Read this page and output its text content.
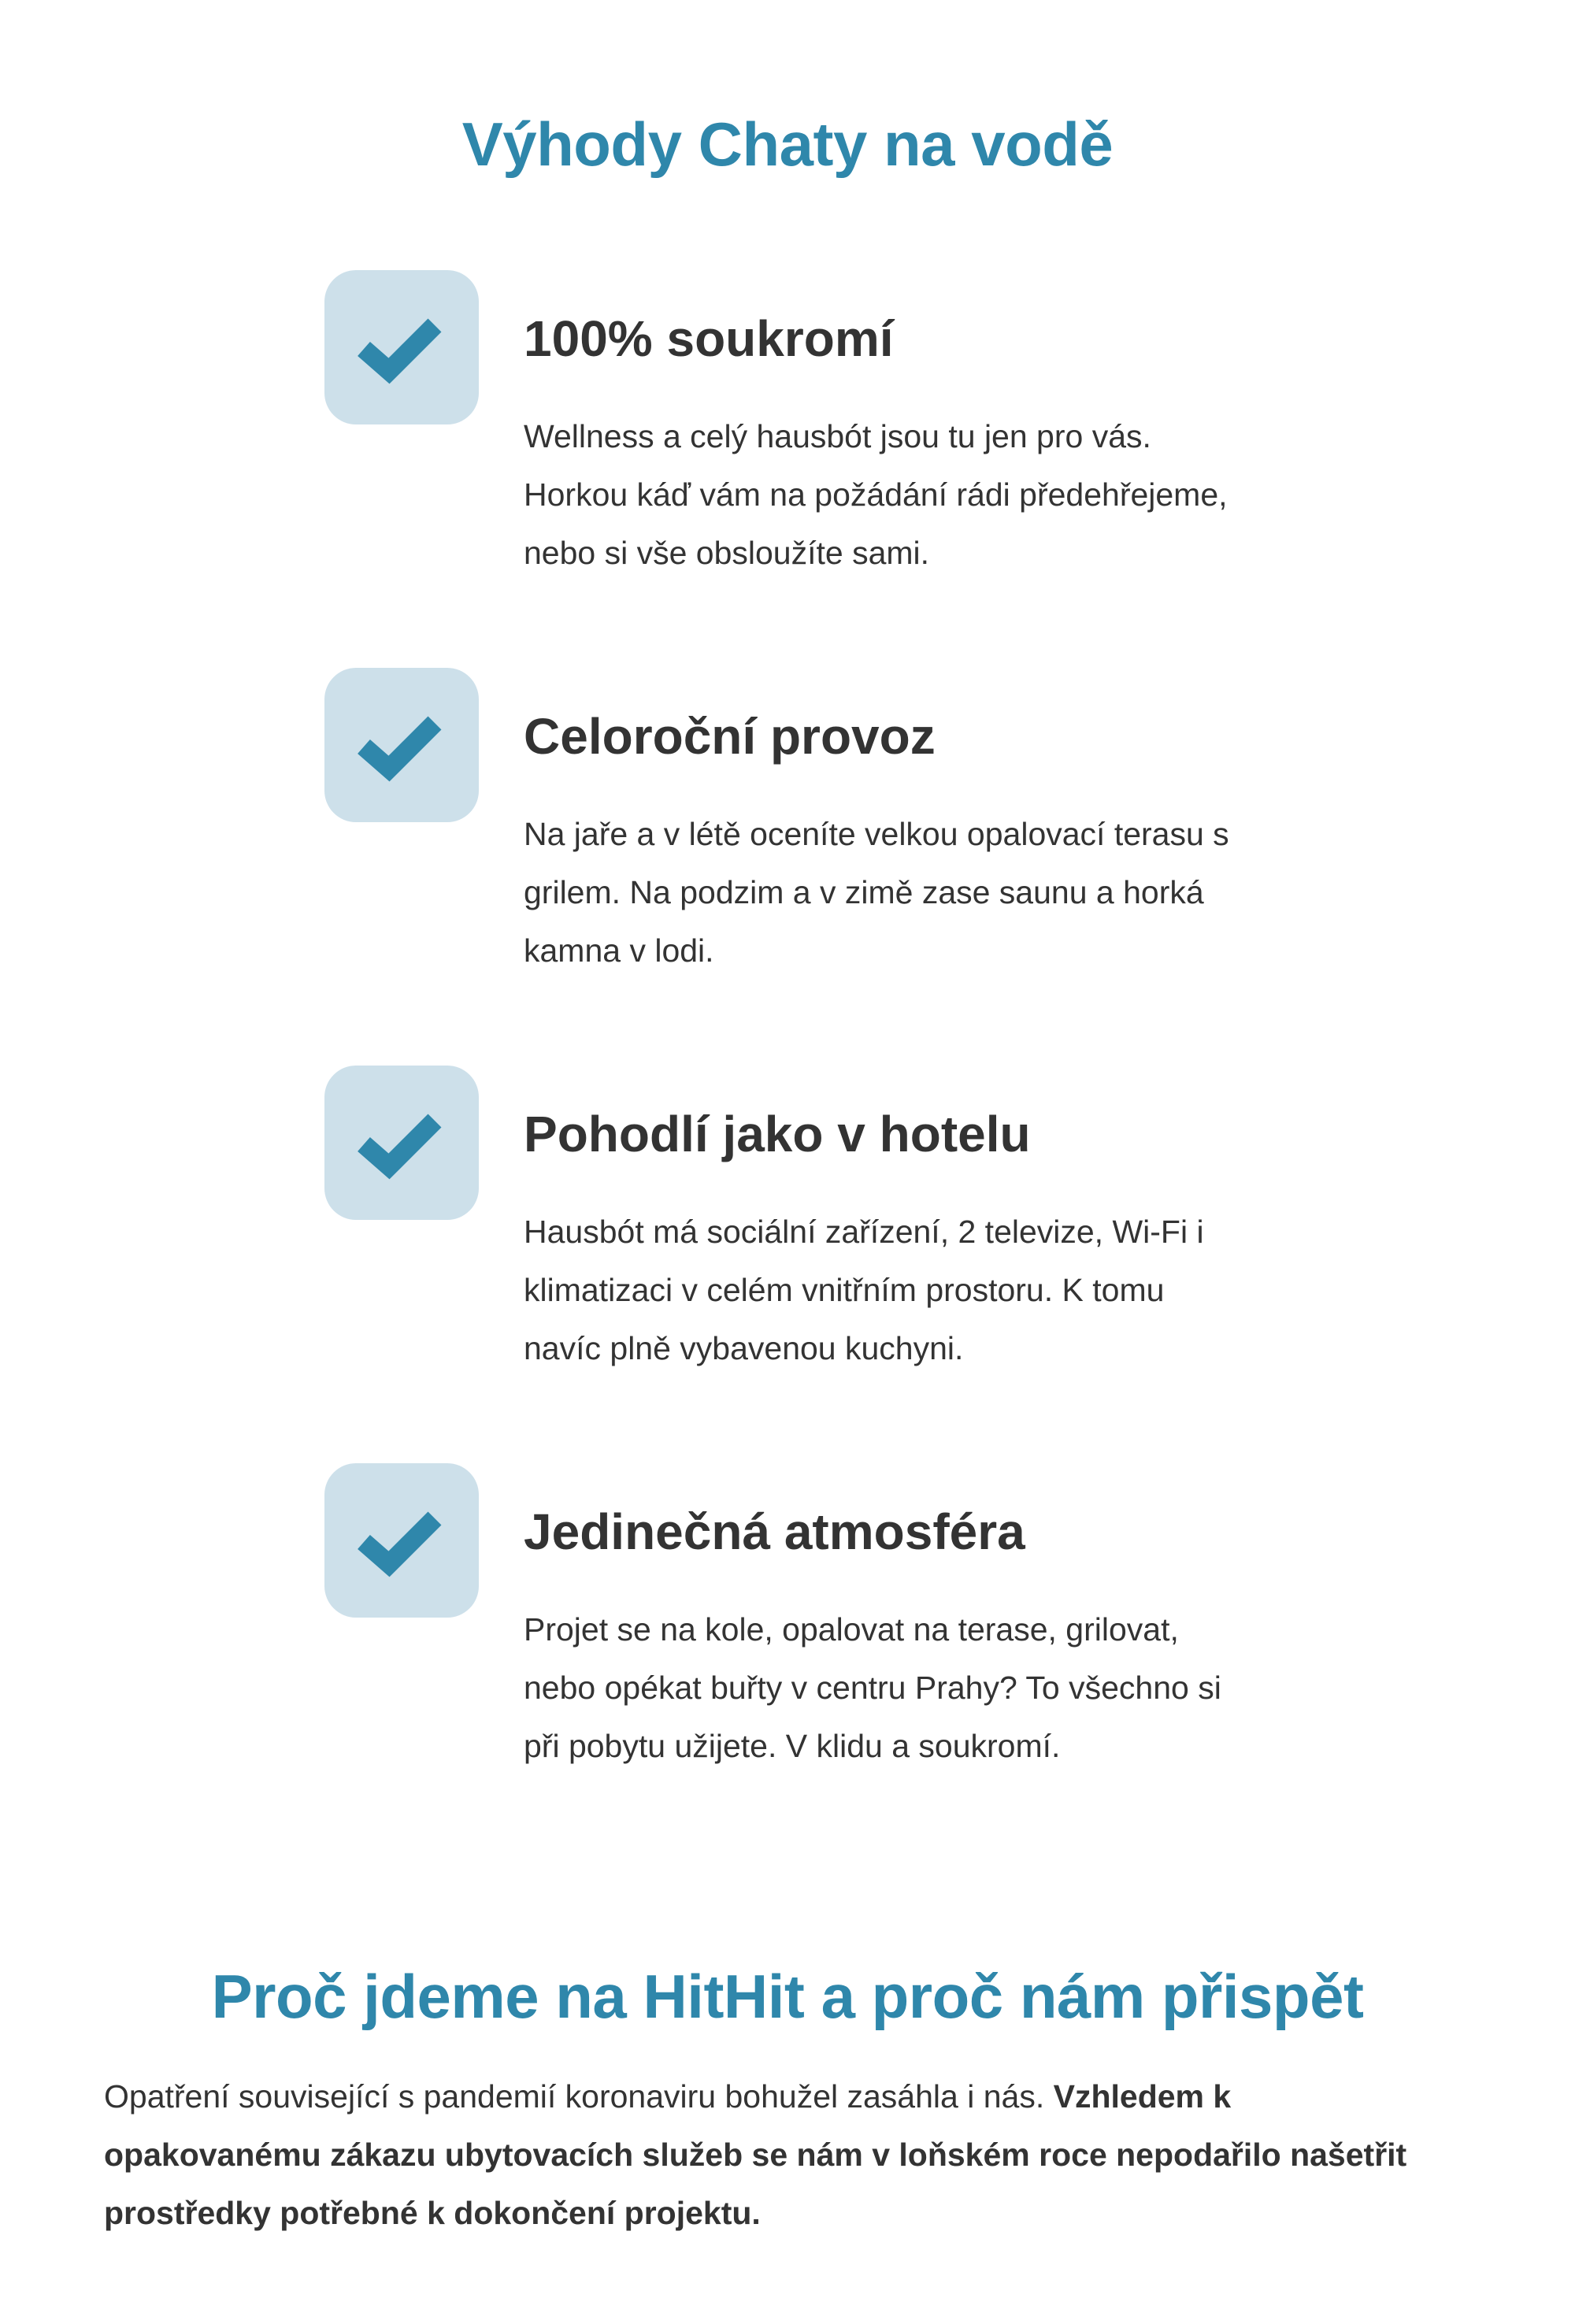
Výhody Chaty na vodě
100% soukromí

Wellness a celý hausbót jsou tu jen pro vás.
Horkou káď vám na požádání rádi předehřejeme,
nebo si vše obsloužíte sami.

Celoroční provoz

Na jaře a v létě oceníte velkou opalovací terasu s
grilem. Na podzim a v zimě zase saunu a horká
kamna v lodi.

Pohodlí jako v hotelu

Hausbót má sociální zařízení, 2 televize, Wi-Fi i
klimatizaci v celém vnitřním prostoru. K tomu
navíc plně vybavenou kuchyni.

Jedinečná atmosféra

Projet se na kole, opalovat na terase, grilovat,
nebo opékat buřty v centru Prahy? To všechno si
při pobytu užijete. V klidu a soukromí.

Proč jdeme na HitHit a proč nám přispět

Opatření související s pandemií koronaviru bohužel zasáhla i nás. Vzhledem k
opakovanému zákazu ubytovacích služeb se nám v loňském roce nepodařilo našetřit
prostředky potřebné k dokončení projektu.
